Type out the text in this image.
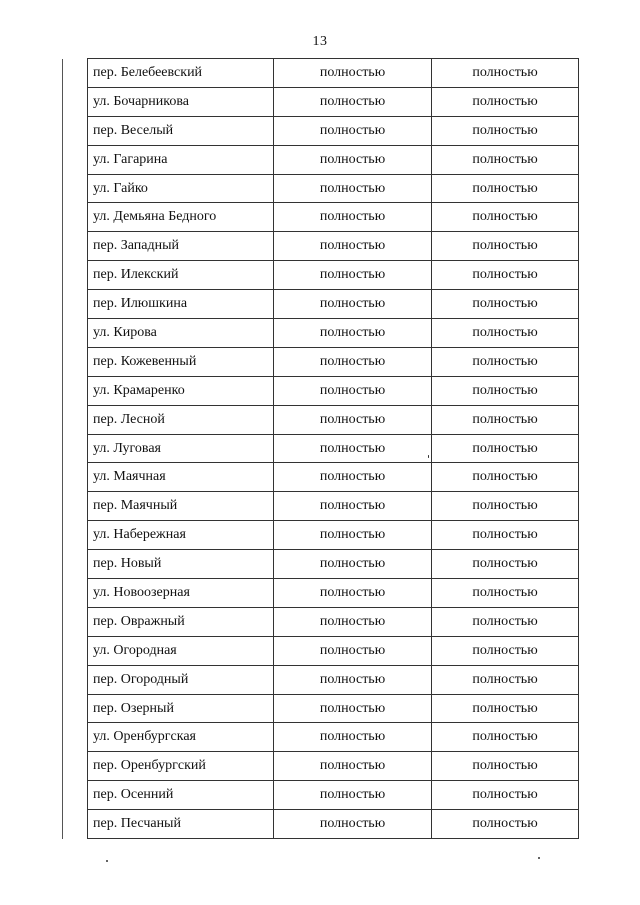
13
	пер. Белебеевский	полностью	полностью
	ул. Бочарникова	полностью	полностью
	пер. Веселый	полностью	полностью
	ул. Гагарина	полностью	полностью
	ул. Гайко	полностью	полностью
	ул. Демьяна Бедного	полностью	полностью
	пер. Западный	полностью	полностью
	пер. Илекский	полностью	полностью
	пер. Илюшкина	полностью	полностью
	ул. Кирова	полностью	полностью
	пер. Кожевенный	полностью	полностью
	ул. Крамаренко	полностью	полностью
	пер. Лесной	полностью	полностью
	ул. Луговая	полностью	полностью
	ул. Маячная	полностью	полностью
	пер. Маячный	полностью	полностью
	ул. Набережная	полностью	полностью
	пер. Новый	полностью	полностью
	ул. Новоозерная	полностью	полностью
	пер. Овражный	полностью	полностью
	ул. Огородная	полностью	полностью
	пер. Огородный	полностью	полностью
	пер. Озерный	полностью	полностью
	ул. Оренбургская	полностью	полностью
	пер. Оренбургский	полностью	полностью
	пер. Осенний	полностью	полностью
	пер. Песчаный	полностью	полностью
